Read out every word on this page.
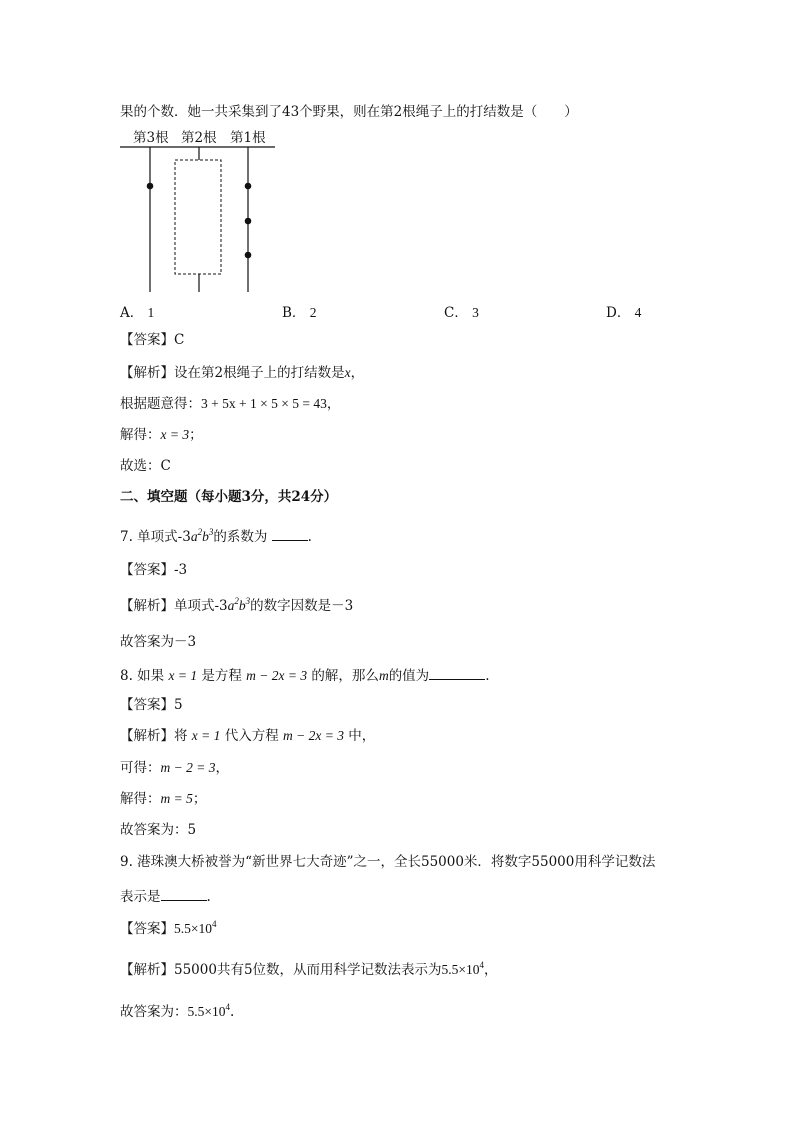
果的个数．她一共采集到了43个野果，则在第2根绳子上的打结数是（　　）
第3根 第2根 第1根
A． 1	B． 2	C． 3	D． 4
【答案】C
【解析】设在第2根绳子上的打结数是x，
根据题意得：3 + 5x + 1 × 5 × 5 = 43，
解得：x = 3；
故选：C
二、填空题（每小题3分，共24分）
7. 单项式$-3a^2b^3$的系数为	.
【答案】-3
【解析】单项式$-3a^2b^3$的数字因数是－3
故答案为－3
8. 如果 x = 1 是方程 m − 2x = 3 的解，那么m的值为	.
【答案】5
【解析】将 x = 1 代入方程 m − 2x = 3 中，
可得：m − 2 = 3，
解得：m = 5；
故答案为：5
9. 港珠澳大桥被誉为“新世界七大奇迹”之一，全长55000米．将数字55000用科学记数法
表示是	.
【答案】$5.5\times 10^4$
【解析】55000共有5位数，从而用科学记数法表示为$5.5\times 10^4$，
故答案为：$5.5\times 10^4$.
